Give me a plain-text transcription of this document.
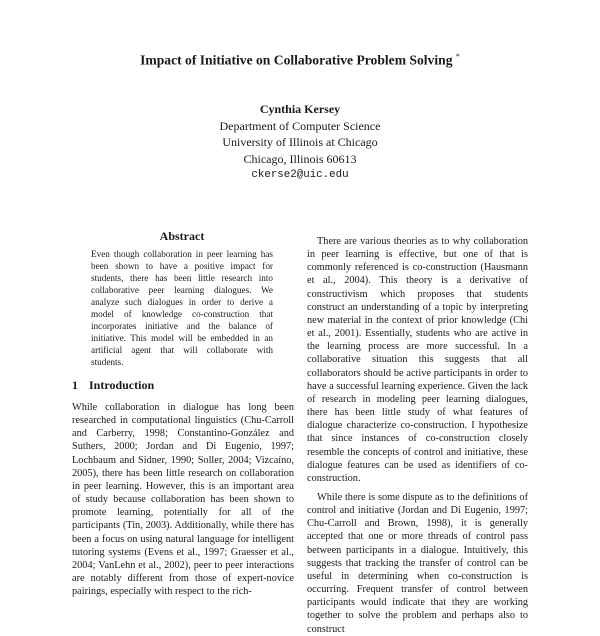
Impact of Initiative on Collaborative Problem Solving *
Cynthia Kersey
Department of Computer Science
University of Illinois at Chicago
Chicago, Illinois 60613
ckerse2@uic.edu
Abstract
Even though collaboration in peer learning has been shown to have a positive impact for students, there has been little research into collaborative peer learning dialogues. We analyze such dialogues in order to derive a model of knowledge co-construction that incorporates initiative and the balance of initiative. This model will be embedded in an artificial agent that will collaborate with students.
1 Introduction

While collaboration in dialogue has long been researched in computational linguistics (Chu-Carroll and Carberry, 1998; Constantino-González and Suthers, 2000; Jordan and Di Eugenio, 1997; Lochbaum and Sidner, 1990; Soller, 2004; Vizcaíno, 2005), there has been little research on collaboration in peer learning. However, this is an important area of study because collaboration has been shown to promote learning, potentially for all of the participants (Tin, 2003). Additionally, while there has been a focus on using natural language for intelligent tutoring systems (Evens et al., 1997; Graesser et al., 2004; VanLehn et al., 2002), peer to peer interactions are notably different from those of expert-novice pairings, especially with respect to the rich-

There are various theories as to why collaboration in peer learning is effective, but one of that is commonly referenced is co-construction (Hausmann et al., 2004). This theory is a derivative of constructivism which proposes that students construct an understanding of a topic by interpreting new material in the context of prior knowledge (Chi et al., 2001). Essentially, students who are active in the learning process are more successful. In a collaborative situation this suggests that all collaborators should be active participants in order to have a successful learning experience. Given the lack of research in modeling peer learning dialogues, there has been little study of what features of dialogue characterize co-construction. I hypothesize that since instances of co-construction closely resemble the concepts of control and initiative, these dialogue features can be used as identifiers of co-construction.

While there is some dispute as to the definitions of control and initiative (Jordan and Di Eugenio, 1997; Chu-Carroll and Brown, 1998), it is generally accepted that one or more threads of control pass between participants in a dialogue. Intuitively, this suggests that tracking the transfer of control can be useful in determining when co-construction is occurring. Frequent transfer of control between participants would indicate that they are working together to solve the problem and perhaps also to construct
